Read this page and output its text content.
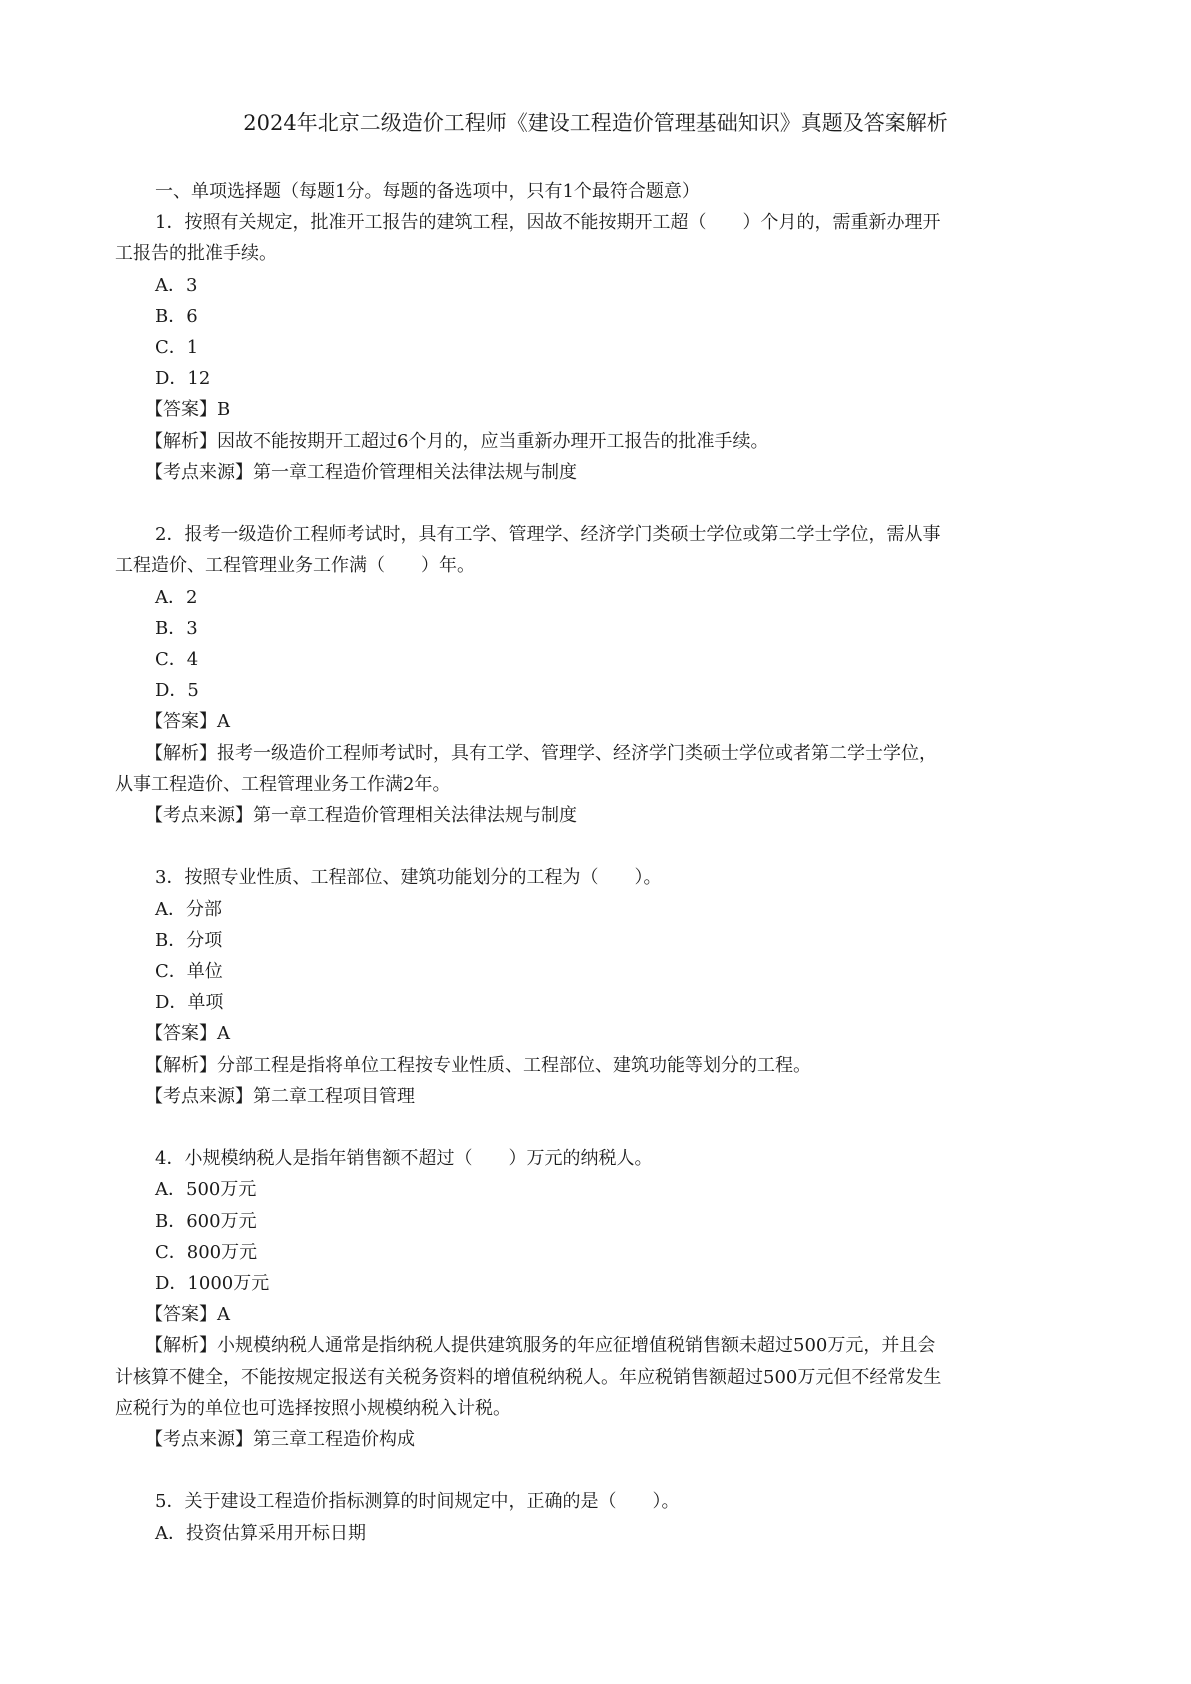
2024年北京二级造价工程师《建设工程造价管理基础知识》真题及答案解析

一、单项选择题（每题1分。每题的备选项中，只有1个最符合题意）

1．按照有关规定，批准开工报告的建筑工程，因故不能按期开工超（　　）个月的，需重新办理开

工报告的批准手续。

A．3

B．6

C．1

D．12

【答案】B

【解析】因故不能按期开工超过6个月的，应当重新办理开工报告的批准手续。

【考点来源】第一章工程造价管理相关法律法规与制度

2．报考一级造价工程师考试时，具有工学、管理学、经济学门类硕士学位或第二学士学位，需从事

工程造价、工程管理业务工作满（　　）年。

A．2

B．3

C．4

D．5

【答案】A

【解析】报考一级造价工程师考试时，具有工学、管理学、经济学门类硕士学位或者第二学士学位，

从事工程造价、工程管理业务工作满2年。

【考点来源】第一章工程造价管理相关法律法规与制度

3．按照专业性质、工程部位、建筑功能划分的工程为（　　）。

A．分部

B．分项

C．单位

D．单项

【答案】A

【解析】分部工程是指将单位工程按专业性质、工程部位、建筑功能等划分的工程。

【考点来源】第二章工程项目管理

4．小规模纳税人是指年销售额不超过（　　）万元的纳税人。

A．500万元

B．600万元

C．800万元

D．1000万元

【答案】A

【解析】小规模纳税人通常是指纳税人提供建筑服务的年应征增值税销售额未超过500万元，并且会

计核算不健全，不能按规定报送有关税务资料的增值税纳税人。年应税销售额超过500万元但不经常发生

应税行为的单位也可选择按照小规模纳税入计税。

【考点来源】第三章工程造价构成

5．关于建设工程造价指标测算的时间规定中，正确的是（　　）。

A．投资估算采用开标日期
